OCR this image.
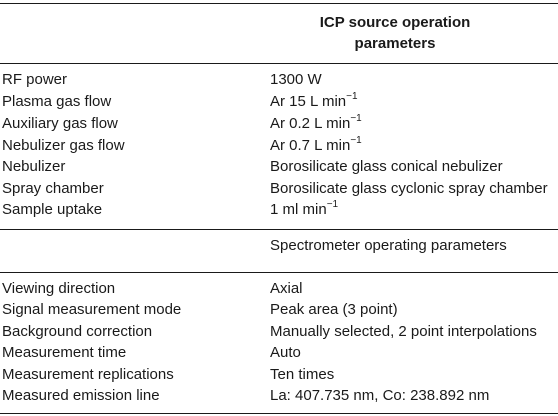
ICP source operation
parameters
RF power	1300 W
Plasma gas flow	Ar 15 L $\min^{-1}$
Auxiliary gas flow	Ar 0.2 L $\min^{-1}$
Nebulizer gas flow	Ar 0.7 L $\min^{-1}$
Nebulizer	Borosilicate glass conical nebulizer
Spray chamber	Borosilicate glass cyclonic spray chamber
Sample uptake	1 ml $\min^{-1}$
Spectrometer operating parameters
Viewing direction	Axial
Signal measurement mode	Peak area (3 point)
Background correction	Manually selected, 2 point interpolations
Measurement time	Auto
Measurement replications	Ten times
Measured emission line	La: 407.735 nm, Co: 238.892 nm
